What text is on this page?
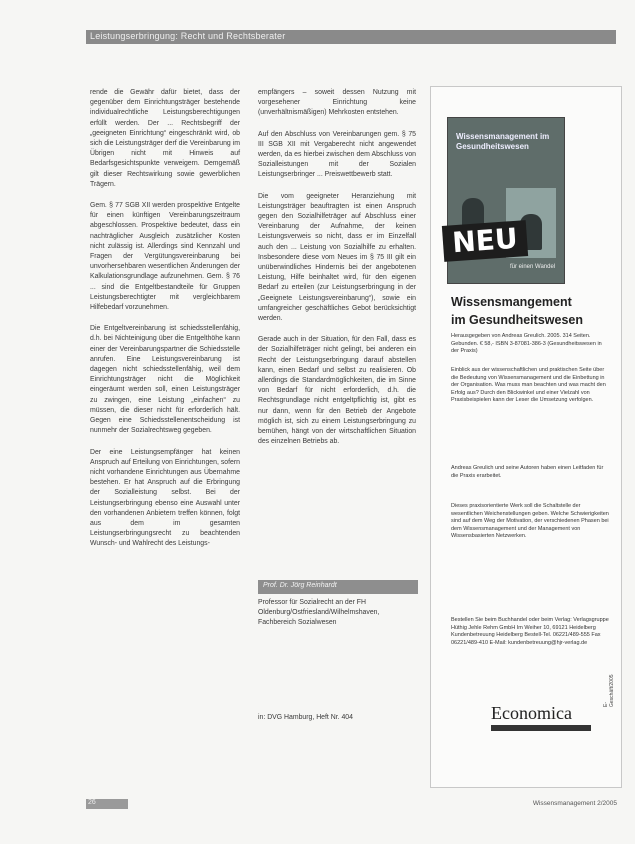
Leistungserbringung: Recht und Rechtsberater

rende die Gewähr dafür bietet, dass der gegenüber dem Einrichtungsträger bestehende individualrechtliche Leistungsberechtigungen erfüllt werden. Der ... Rechtsbegriff der „geeigneten Einrichtung“ eingeschränkt wird, ob sich die Leistungsträger derf die Vereinbarung im Übrigen nicht mit Hinweis auf Bedarfsgesichtspunkte verweigern. Demgemäß gilt dieser Rechtswirkung sowie gewerblichen Trägern.

Gem. § 77 SGB XII werden prospektive Entgelte für einen künftigen Vereinbarungszeitraum abgeschlossen. Prospektive bedeutet, dass ein nachträglicher Ausgleich zusätzlicher Kosten nicht zulässig ist. Allerdings sind Kennzahl und Fragen der Vergütungsvereinbarung bei unvorhersehbaren wesentlichen Änderungen der Kalkulationsgrundlage aufzunehmen. Gem. § 76 ... sind die Entgeltbestandteile für Gruppen Leistungsberechtigter mit vergleichbarem Hilfebedarf vorzunehmen.

Die Entgeltvereinbarung ist schiedsstellenfähig, d.h. bei Nichteinigung über die Entgelthöhe kann einer der Vereinbarungspartner die Schiedsstelle anrufen. Eine Leistungsvereinbarung ist dagegen nicht schiedsstellenfähig, weil dem Einrichtungsträger nicht die Möglichkeit eingeräumt werden soll, einen Leistungsträger zu zwingen, eine Leistung „einfachen“ zu müssen, die dieser nicht für erforderlich hält. Gegen eine Schiedsstellenentscheidung ist nunmehr der Sozialrechtsweg gegeben.

Der eine Leistungsempfänger hat keinen Anspruch auf Erteilung von Einrichtungen, sofern nicht vorhandene Einrichtungen aus Übernahme bestehen. Er hat Anspruch auf die Erbringung der Sozialleistung selbst. Bei der Leistungserbringung ebenso eine Auswahl unter den vorhandenen Anbietern treffen können, folgt aus dem im gesamten Leistungserbringungsrecht zu beachtenden Wunsch- und Wahlrecht des Leistungs-

empfängers – soweit dessen Nutzung mit vorgesehener Einrichtung keine (unverhältnismäßigen) Mehrkosten entstehen.

Auf den Abschluss von Vereinbarungen gem. § 75 III SGB XII mit Vergaberecht nicht angewendet werden, da es hierbei zwischen dem Abschluss von Sozialleistungen mit der Sozialen Leistungserbringer ... Preiswettbewerb statt.

Die vom geeigneter Heranziehung mit Leistungsträger beauftragten ist einen Anspruch gegen den Sozialhilfeträger auf Abschluss einer Vereinbarung der Aufnahme, der keinen Leistungsverweis so nicht, dass er im Einzelfall auch den ... Leistung von Sozialhilfe zu erhalten. Insbesondere diese vom Neues im § 75 III gilt ein unüberwindliches Hindernis bei der angebotenen Leistung, Hilfe beinhaltet wird, für den eigenen Bedarf zu erteilen (zur Leistungserbringung in der „Geeignete Leistungsvereinbarung“), sowie ein umfangreicher geschäftliches Gebot berücksichtigt werden.

Gerade auch in der Situation, für den Fall, dass es der Sozialhilfeträger nicht gelingt, bei anderen ein Recht der Leistungserbringung darauf abstellen kann, einen Bedarf und selbst zu realisieren. Ob allerdings die Standardmöglichkeiten, die im Sinne von Bedarf für nicht erforderlich, d.h. die Rechtsgrundlage nicht entgeltpflichtig ist, gibt es nur dann, wenn für den Betrieb der Angebote möglich ist, sich zu einem Leistungserbringung zu bemühen, hängt von der wirtschaftlichen Situation des einzelnen Betriebs ab.

Prof. Dr. Jörg Reinhardt
Professor für Sozialrecht an der FH Oldenburg/Ostfriesland/Wilhelmshaven, Fachbereich Sozialwesen
in: DVG Hamburg, Heft Nr. 404
Wissensmanagement im Gesundheitswesen
für einen Wandel
NEU
Wissensmangement
im Gesundheitswesen
Herausgegeben von Andreas Greulich. 2005. 314 Seiten. Gebunden. € 58,- ISBN 3-87081-386-3 (Gesundheitswesen in der Praxis)
Einblick aus der wissenschaftlichen und praktischen Seite über die Bedeutung von Wissensmanagement und die Einbettung in der Organisation. Was muss man beachten und was macht den Erfolg aus? Durch den Blickwinkel und einer Vielzahl von Praxisbeispielen kann der Leser die Umsetzung verfolgen.
Andreas Greulich und seine Autoren haben einen Leitfaden für die Praxis erarbeitet.
Dieses praxisorientierte Werk soll die Schaltstelle der wesentlichen Weichenstellungen geben. Welche Schwierigkeiten sind auf dem Weg der Motivation, der verschiedenen Phasen bei dem Wissensmanagement und der Management von Wissensbasierten Netzwerken.
Bestellen Sie beim Buchhandel oder beim Verlag: Verlagsgruppe Hüthig Jehle Rehm GmbH Im Weiher 10, 69121 Heidelberg Kundenbetreuung Heidelberg Bestell-Tel. 06221/489-555 Fax 06221/489-410 E-Mail: kundenbetreuung@hjr-verlag.de
Economica	E-Geschäft/2005
26	Wissensmanagement 2/2005
